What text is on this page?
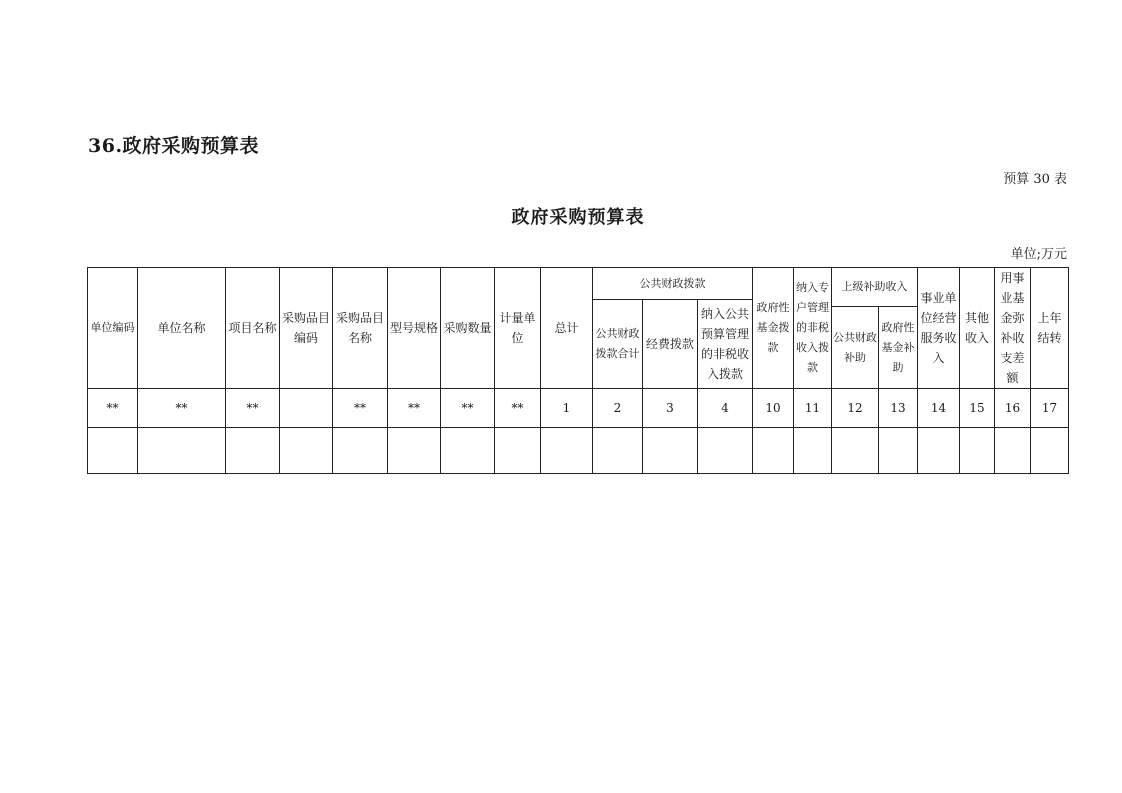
36.政府采购预算表
预算 30 表
政府采购预算表
单位;万元
单位编码	单位名称	项目名称	采购品目编码	采购品目名称	型号规格	采购数量	计量单位	总计	公共财政拨款			政府性基金拨款	纳入专户管理的非税收入拨款	上级补助收入		事业单位经营服务收入	其他收入	用事业基金弥补收支差额	上年结转
									公共财政拨款合计	经费拨款	纳入公共预算管理的非税收入拨款								
														公共财政补助	政府性基金补助				
**	**	**		**	**	**	**	1	2	3	4	10	11	12	13	14	15	16	17
